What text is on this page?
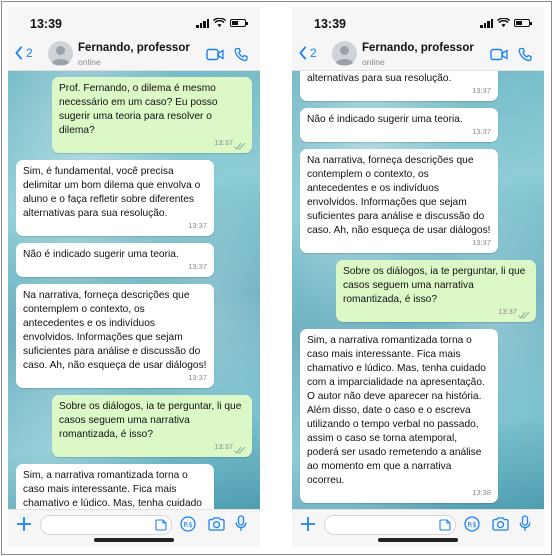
13:39
2	Fernando, professor
online
Prof. Fernando, o dilema é mesmo necessário em um caso? Eu posso sugerir uma teoria para resolver o dilema?
13:37
Sim, é fundamental, você precisa delimitar um bom dilema que envolva o aluno e o faça refletir sobre diferentes alternativas para sua resolução.
13:37
Não é indicado sugerir uma teoria.
13:37
Na narrativa, forneça descrições que contemplem o contexto, os antecedentes e os indivíduos envolvidos. Informações que sejam suficientes para análise e discussão do caso. Ah, não esqueça de usar diálogos!
13:37
Sobre os diálogos, ia te perguntar, li que casos seguem uma narrativa romantizada, é isso?
13:37
Sim, a narrativa romantizada torna o caso mais interessante. Fica mais chamativo e lúdico. Mas, tenha cuidado
R$
13:39
2	Fernando, professor
online
alternativas para sua resolução.
13:37
Não é indicado sugerir uma teoria.
13:37
Na narrativa, forneça descrições que contemplem o contexto, os antecedentes e os indivíduos envolvidos. Informações que sejam suficientes para análise e discussão do caso. Ah, não esqueça de usar diálogos!
13:37
Sobre os diálogos, ia te perguntar, li que casos seguem uma narrativa romantizada, é isso?
13:37
Sim, a narrativa romantizada torna o caso mais interessante. Fica mais chamativo e lúdico. Mas, tenha cuidado com a imparcialidade na apresentação. O autor não deve aparecer na história. Além disso, date o caso e o escreva utilizando o tempo verbal no passado, assim o caso se torna atemporal, poderá ser usado remetendo a análise ao momento em que a narrativa ocorreu.
13:38
R$
